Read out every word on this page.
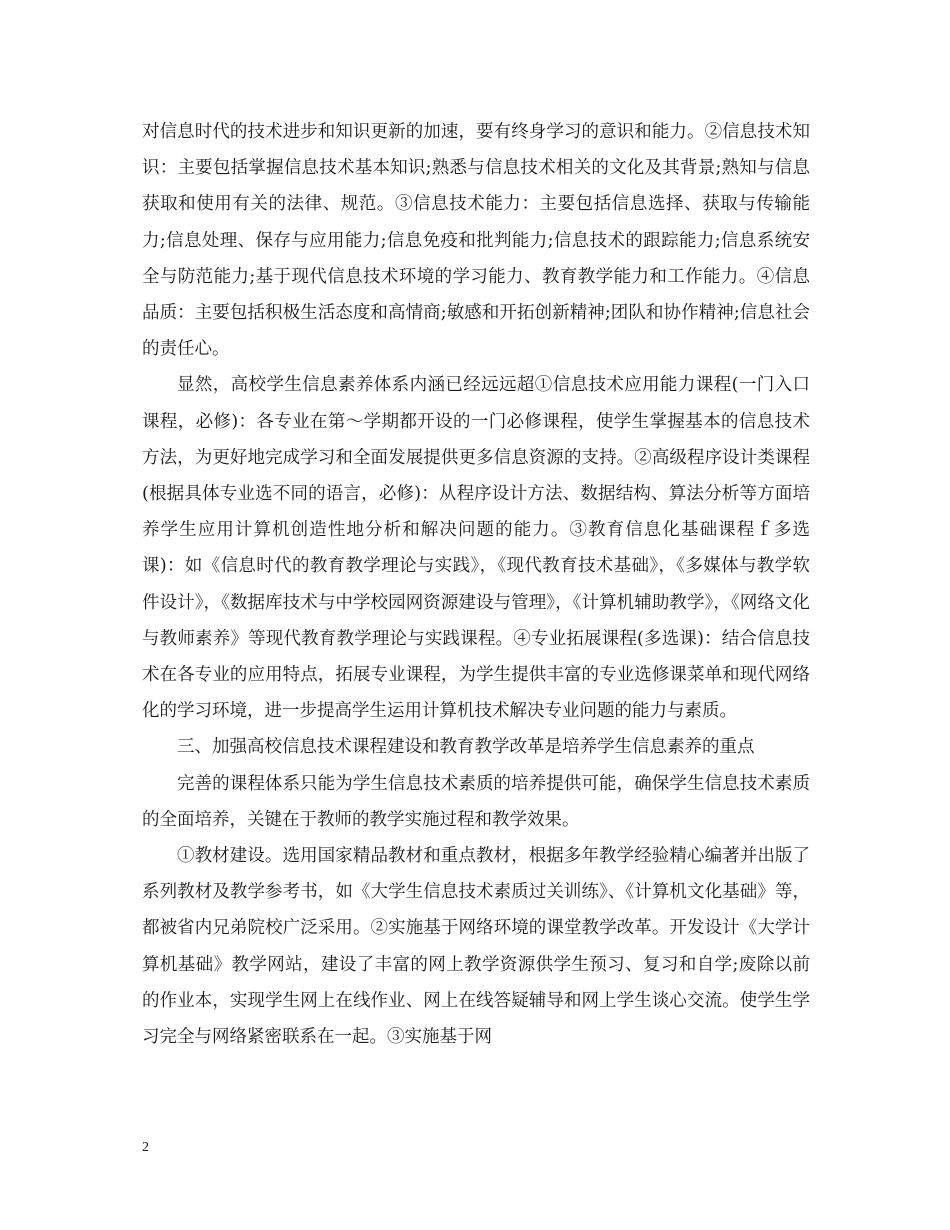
对信息时代的技术进步和知识更新的加速，要有终身学习的意识和能力。②信息技术知识：主要包括掌握信息技术基本知识;熟悉与信息技术相关的文化及其背景;熟知与信息获取和使用有关的法律、规范。③信息技术能力：主要包括信息选择、获取与传输能力;信息处理、保存与应用能力;信息免疫和批判能力;信息技术的跟踪能力;信息系统安全与防范能力;基于现代信息技术环境的学习能力、教育教学能力和工作能力。④信息品质：主要包括积极生活态度和高情商;敏感和开拓创新精神;团队和协作精神;信息社会的责任心。

显然，高校学生信息素养体系内涵已经远远超①信息技术应用能力课程(一门入口课程，必修)：各专业在第～学期都开设的一门必修课程，使学生掌握基本的信息技术方法，为更好地完成学习和全面发展提供更多信息资源的支持。②高级程序设计类课程(根据具体专业选不同的语言，必修)：从程序设计方法、数据结构、算法分析等方面培养学生应用计算机创造性地分析和解决问题的能力。③教育信息化基础课程ｆ多选课)：如《信息时代的教育教学理论与实践》，《现代教育技术基础》，《多媒体与教学软件设计》，《数据库技术与中学校园网资源建设与管理》，《计算机辅助教学》，《网络文化与教师素养》等现代教育教学理论与实践课程。④专业拓展课程(多选课)：结合信息技术在各专业的应用特点，拓展专业课程，为学生提供丰富的专业选修课菜单和现代网络化的学习环境，进一步提高学生运用计算机技术解决专业问题的能力与素质。

三、加强高校信息技术课程建设和教育教学改革是培养学生信息素养的重点

完善的课程体系只能为学生信息技术素质的培养提供可能，确保学生信息技术素质的全面培养，关键在于教师的教学实施过程和教学效果。

①教材建设。选用国家精品教材和重点教材，根据多年教学经验精心编著并出版了系列教材及教学参考书，如《大学生信息技术素质过关训练》、《计算机文化基础》等，都被省内兄弟院校广泛采用。②实施基于网络环境的课堂教学改革。开发设计《大学计算机基础》教学网站，建设了丰富的网上教学资源供学生预习、复习和自学;废除以前的作业本，实现学生网上在线作业、网上在线答疑辅导和网上学生谈心交流。使学生学习完全与网络紧密联系在一起。③实施基于网

2
